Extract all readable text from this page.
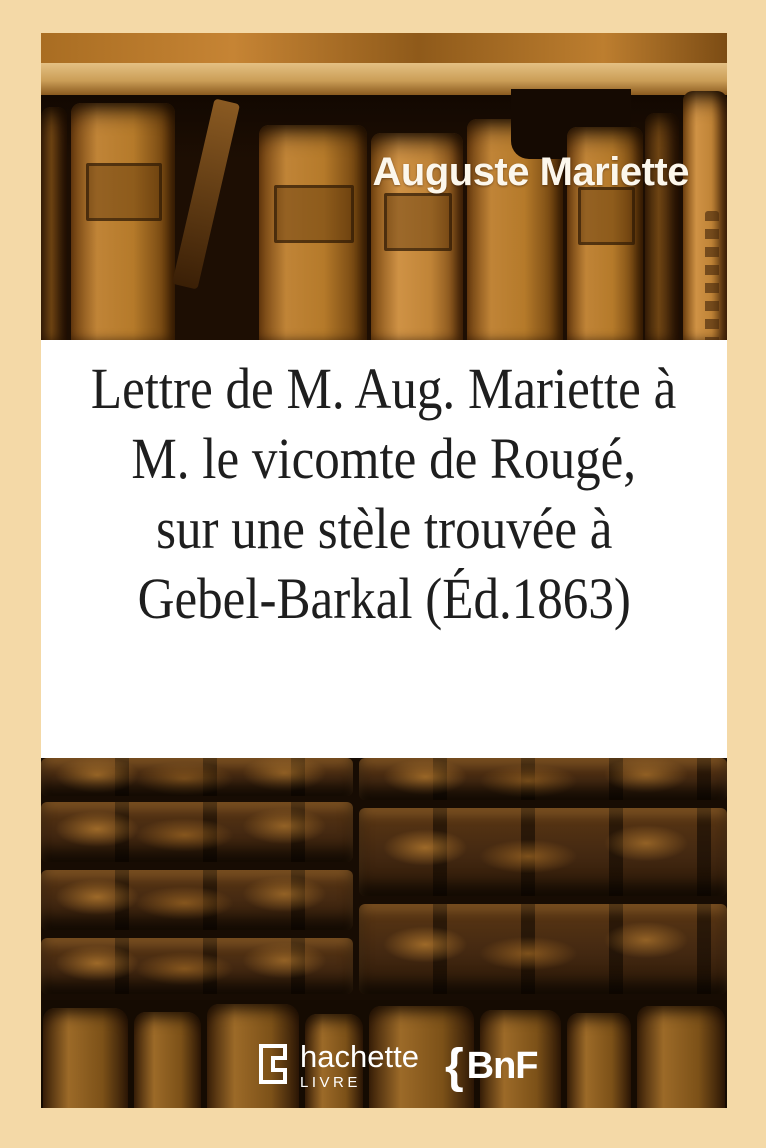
Auguste Mariette
Lettre de M. Aug. Mariette à
M. le vicomte de Rougé,
sur une stèle trouvée à
Gebel-Barkal (Éd.1863)
hachette
LIVRE	{ BnF
